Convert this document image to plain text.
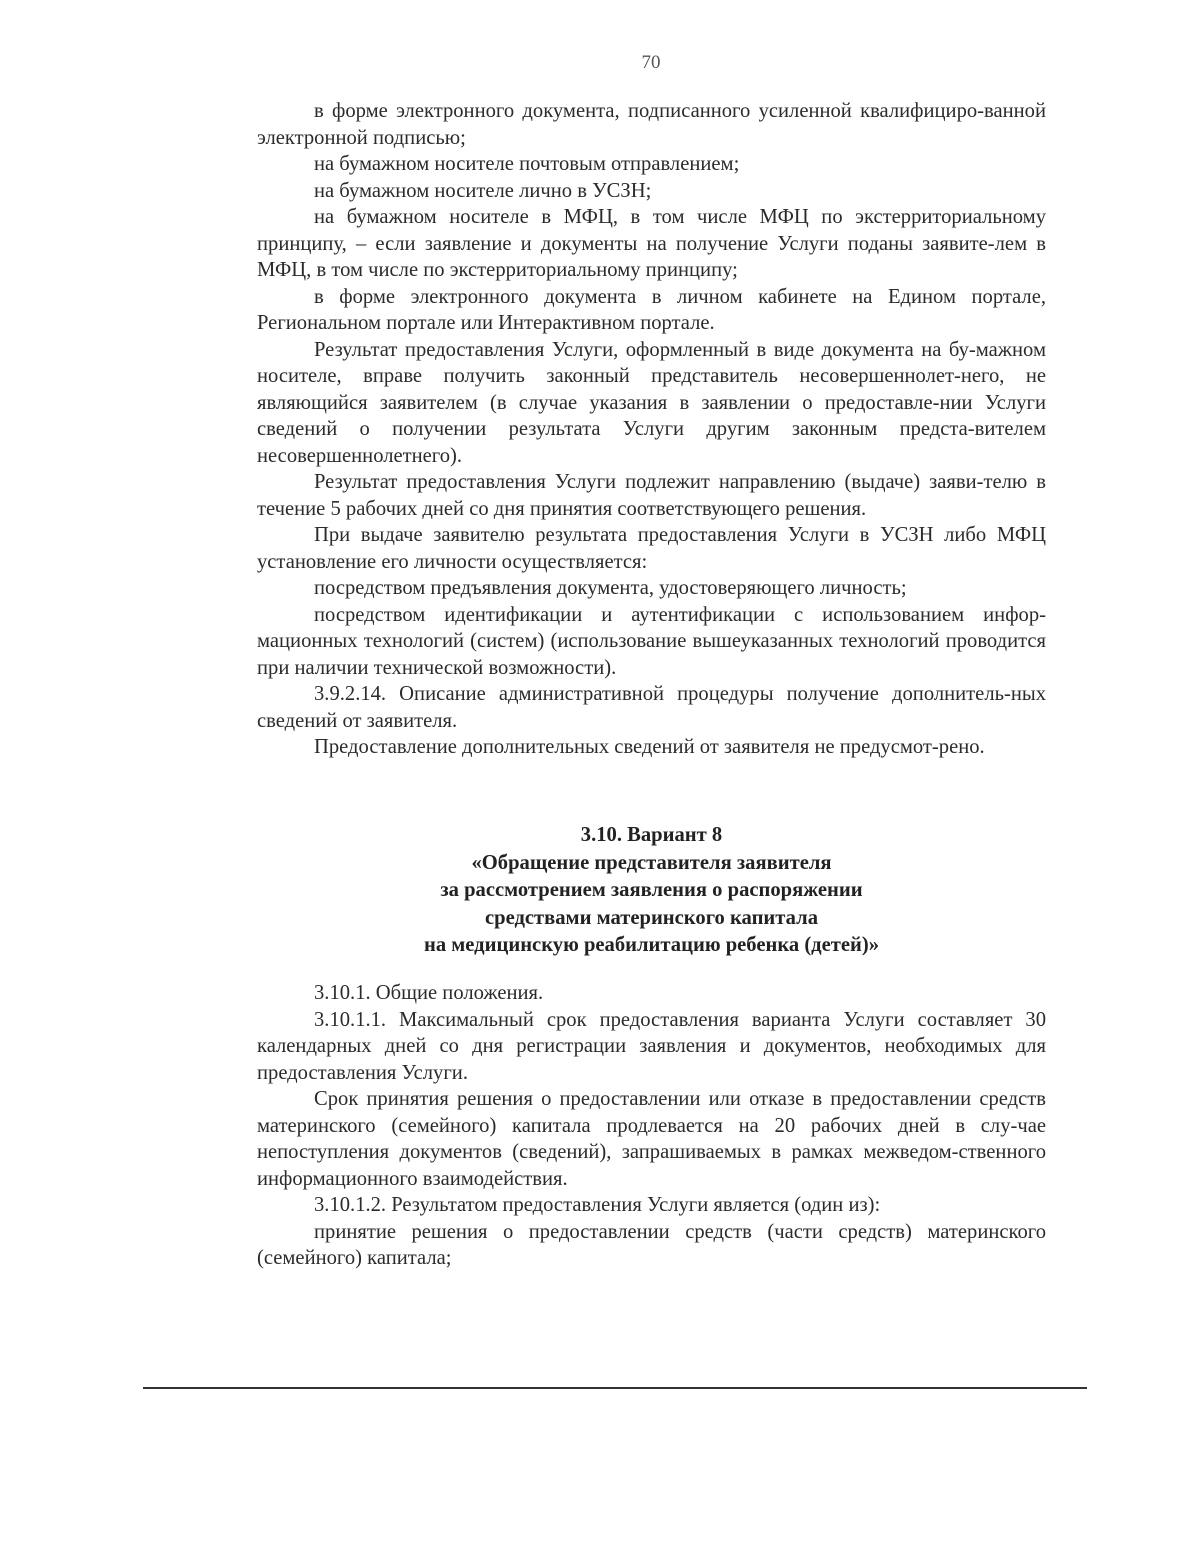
70

в форме электронного документа, подписанного усиленной квалифициро-ванной электронной подписью;

на бумажном носителе почтовым отправлением;

на бумажном носителе лично в УСЗН;

на бумажном носителе в МФЦ, в том числе МФЦ по экстерриториальному принципу, – если заявление и документы на получение Услуги поданы заявите-лем в МФЦ, в том числе по экстерриториальному принципу;

в форме электронного документа в личном кабинете на Едином портале, Региональном портале или Интерактивном портале.

Результат предоставления Услуги, оформленный в виде документа на бу-мажном носителе, вправе получить законный представитель несовершеннолет-него, не являющийся заявителем (в случае указания в заявлении о предоставле-нии Услуги сведений о получении результата Услуги другим законным предста-вителем несовершеннолетнего).

Результат предоставления Услуги подлежит направлению (выдаче) заяви-телю в течение 5 рабочих дней со дня принятия соответствующего решения.

При выдаче заявителю результата предоставления Услуги в УСЗН либо МФЦ установление его личности осуществляется:

посредством предъявления документа, удостоверяющего личность;

посредством идентификации и аутентификации с использованием инфор-мационных технологий (систем) (использование вышеуказанных технологий проводится при наличии технической возможности).

3.9.2.14. Описание административной процедуры получение дополнитель-ных сведений от заявителя.

Предоставление дополнительных сведений от заявителя не предусмот-рено.

3.10. Вариант 8
«Обращение представителя заявителя
за рассмотрением заявления о распоряжении
средствами материнского капитала
на медицинскую реабилитацию ребенка (детей)»

3.10.1. Общие положения.

3.10.1.1. Максимальный срок предоставления варианта Услуги составляет 30 календарных дней со дня регистрации заявления и документов, необходимых для предоставления Услуги.

Срок принятия решения о предоставлении или отказе в предоставлении средств материнского (семейного) капитала продлевается на 20 рабочих дней в слу-чае непоступления документов (сведений), запрашиваемых в рамках межведом-ственного информационного взаимодействия.

3.10.1.2. Результатом предоставления Услуги является (один из):

принятие решения о предоставлении средств (части средств) материнского (семейного) капитала;
